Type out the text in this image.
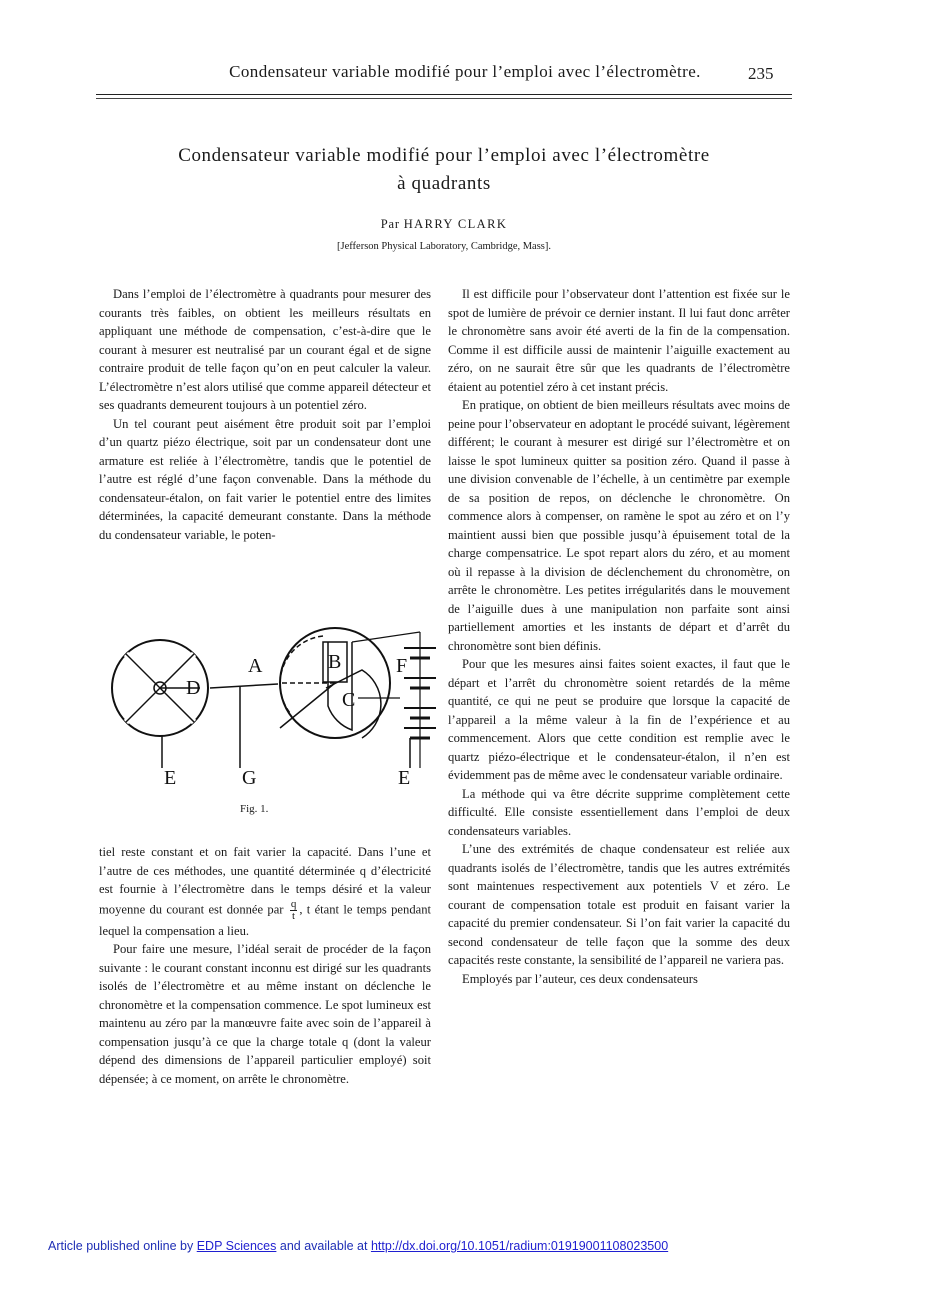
Condensateur variable modifié pour l’emploi avec l’électromètre.	235
Condensateur variable modifié pour l’emploi avec l’électromètre
à quadrants
Par HARRY CLARK
[Jefferson Physical Laboratory, Cambridge, Mass].

Dans l’emploi de l’électromètre à quadrants pour mesurer des courants très faibles, on obtient les meilleurs résultats en appliquant une méthode de compensation, c’est-à-dire que le courant à mesurer est neutralisé par un courant égal et de signe contraire produit de telle façon qu’on en peut calculer la valeur. L’électromètre n’est alors utilisé que comme appareil détecteur et ses quadrants demeurent toujours à un potentiel zéro.

Un tel courant peut aisément être produit soit par l’emploi d’un quartz piézo électrique, soit par un condensateur dont une armature est reliée à l’électromètre, tandis que le potentiel de l’autre est réglé d’une façon convenable. Dans la méthode du condensateur-étalon, on fait varier le potentiel entre des limites déterminées, la capacité demeurant constante. Dans la méthode du condensateur variable, le poten-

D
A	B
C
F
E	G	E
Fig. 1.

tiel reste constant et on fait varier la capacité. Dans l’une et l’autre de ces méthodes, une quantité déterminée q d’électricité est fournie à l’électromètre dans le temps désiré et la valeur moyenne du courant est donnée par $\frac{q}{t}$ , t étant le temps pendant lequel la compensation a lieu.

Pour faire une mesure, l’idéal serait de procéder de la façon suivante : le courant constant inconnu est dirigé sur les quadrants isolés de l’électromètre et au même instant on déclenche le chronomètre et la compensation commence. Le spot lumineux est maintenu au zéro par la manœuvre faite avec soin de l’appareil à compensation jusqu’à ce que la charge totale q (dont la valeur dépend des dimensions de l’appareil particulier employé) soit dépensée; à ce moment, on arrête le chronomètre.

Il est difficile pour l’observateur dont l’attention est fixée sur le spot de lumière de prévoir ce dernier instant. Il lui faut donc arrêter le chronomètre sans avoir été averti de la fin de la compensation. Comme il est difficile aussi de maintenir l’aiguille exactement au zéro, on ne saurait être sûr que les quadrants de l’électromètre étaient au potentiel zéro à cet instant précis.

En pratique, on obtient de bien meilleurs résultats avec moins de peine pour l’observateur en adoptant le procédé suivant, légèrement différent; le courant à mesurer est dirigé sur l’électromètre et on laisse le spot lumineux quitter sa position zéro. Quand il passe à une division convenable de l’échelle, à un centimètre par exemple de sa position de repos, on déclenche le chronomètre. On commence alors à compenser, on ramène le spot au zéro et on l’y maintient aussi bien que possible jusqu’à épuisement total de la charge compensatrice. Le spot repart alors du zéro, et au moment où il repasse à la division de déclenchement du chronomètre, on arrête le chronomètre. Les petites irrégularités dans le mouvement de l’aiguille dues à une manipulation non parfaite sont ainsi partiellement amorties et les instants de départ et d’arrêt du chronomètre sont bien définis.

Pour que les mesures ainsi faites soient exactes, il faut que le départ et l’arrêt du chronomètre soient retardés de la même quantité, ce qui ne peut se produire que lorsque la capacité de l’appareil a la même valeur à la fin de l’expérience et au commencement. Alors que cette condition est remplie avec le quartz piézo-électrique et le condensateur-étalon, il n’en est évidemment pas de même avec le condensateur variable ordinaire.

La méthode qui va être décrite supprime complètement cette difficulté. Elle consiste essentiellement dans l’emploi de deux condensateurs variables.

L’une des extrémités de chaque condensateur est reliée aux quadrants isolés de l’électromètre, tandis que les autres extrémités sont maintenues respectivement aux potentiels V et zéro. Le courant de compensation totale est produit en faisant varier la capacité du premier condensateur. Si l’on fait varier la capacité du second condensateur de telle façon que la somme des deux capacités reste constante, la sensibilité de l’appareil ne variera pas.

Employés par l’auteur, ces deux condensateurs

Article published online by EDP Sciences and available at http://dx.doi.org/10.1051/radium:01919001108023500
